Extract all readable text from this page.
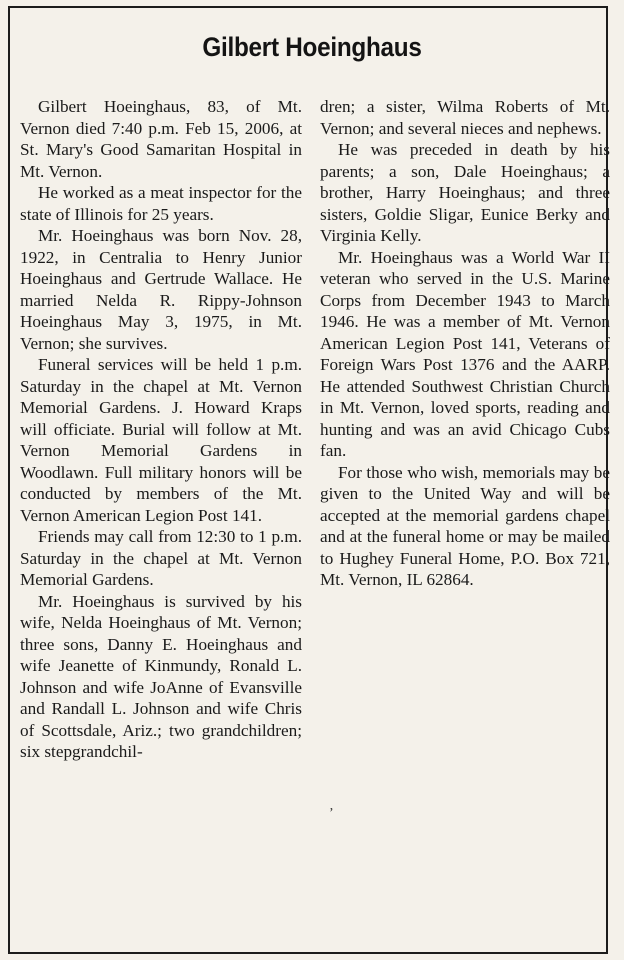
Gilbert Hoeinghaus

Gilbert Hoeinghaus, 83, of Mt. Vernon died 7:40 p.m. Feb 15, 2006, at St. Mary's Good Samaritan Hospital in Mt. Vernon.

He worked as a meat inspector for the state of Illinois for 25 years.

Mr. Hoeinghaus was born Nov. 28, 1922, in Centralia to Henry Junior Hoeinghaus and Gertrude Wallace. He married Nelda R. Rippy-Johnson Hoeinghaus May 3, 1975, in Mt. Vernon; she survives.

Funeral services will be held 1 p.m. Saturday in the chapel at Mt. Vernon Memorial Gardens. J. Howard Kraps will officiate. Burial will follow at Mt. Vernon Memorial Gardens in Woodlawn. Full military honors will be conducted by members of the Mt. Vernon American Legion Post 141.

Friends may call from 12:30 to 1 p.m. Saturday in the chapel at Mt. Vernon Memorial Gardens.

Mr. Hoeinghaus is survived by his wife, Nelda Hoeinghaus of Mt. Vernon; three sons, Danny E. Hoeinghaus and wife Jeanette of Kinmundy, Ronald L. Johnson and wife JoAnne of Evansville and Randall L. Johnson and wife Chris of Scottsdale, Ariz.; two grandchildren; six stepgrandchil-

dren; a sister, Wilma Roberts of Mt. Vernon; and several nieces and nephews.

He was preceded in death by his parents; a son, Dale Hoeinghaus; a brother, Harry Hoeinghaus; and three sisters, Goldie Sligar, Eunice Berky and Virginia Kelly.

Mr. Hoeinghaus was a World War II veteran who served in the U.S. Marine Corps from December 1943 to March 1946. He was a member of Mt. Vernon American Legion Post 141, Veterans of Foreign Wars Post 1376 and the AARP. He attended Southwest Christian Church in Mt. Vernon, loved sports, reading and hunting and was an avid Chicago Cubs fan.

For those who wish, memorials may be given to the United Way and will be accepted at the memorial gardens chapel and at the funeral home or may be mailed to Hughey Funeral Home, P.O. Box 721, Mt. Vernon, IL 62864.

’
